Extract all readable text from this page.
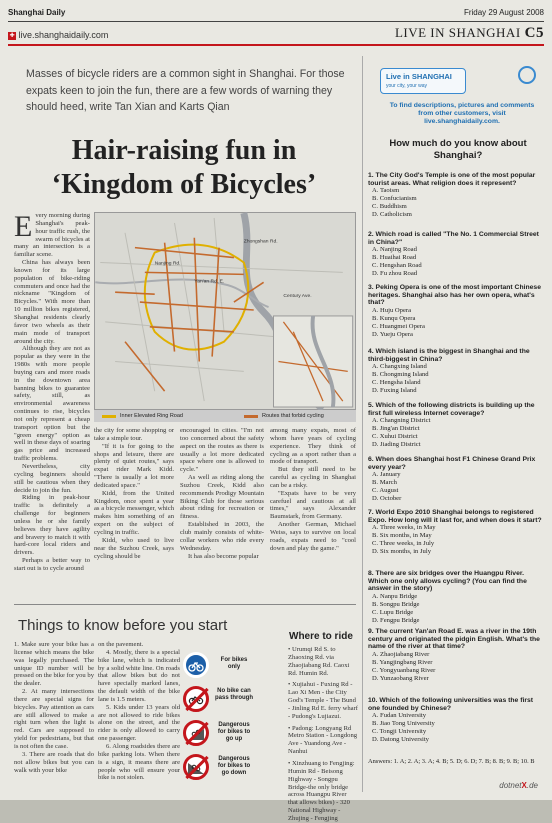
Shanghai Daily	Friday 29 August 2008
✚ live.shanghaidaily.com	LIVE IN SHANGHAI C5
Masses of bicycle riders are a common sight in Shanghai. For those expats keen to join the fun, there are a few words of warning they should heed, write Tan Xian and Karts Qian
Hair-raising fun in
‘Kingdom of Bicycles’
E very morning during Shanghai's peak-hour traffic rush, the swarm of bicycles at many an intersection is a familiar scene.

China has always been known for its large population of bike-riding commuters and once had the nickname "Kingdom of Bicycles." With more than 10 million bikes registered, Shanghai residents clearly favor two wheels as their main mode of transport around the city.

Although they are not as popular as they were in the 1980s with more people buying cars and more roads in the downtown area banning bikes to guarantee safety, still, as environmental awareness continues to rise, bicycles not only represent a cheap transport option but the "green energy" option as well in these days of soaring gas price and increased traffic problems.

Nevertheless, city cycling beginners should still be cautious when they decide to join the fun.

Riding in peak-hour traffic is definitely a challenge for beginners unless he or she family believes they have agility and bravery to match it with hard-core local riders and drivers.

Perhaps a better way to start out is to cycle around

Yan'an Rd. E.
Zhongshan Rd.
Century Ave.
Nanjing Rd.
Inner Elevated Ring Road	Routes that forbid cycling

the city for some shopping or take a simple tour.

"If it is for going to the shops and leisure, there are plenty of quiet routes," says expat rider Mark Kidd. "There is usually a lot more dedicated space."

Kidd, from the United Kingdom, once spent a year as a bicycle messenger, which makes him something of an expert on the subject of cycling in traffic.

Kidd, who used to live near the Suzhou Creek, says cycling should be

encouraged in cities. "I'm not too concerned about the safety aspect on the routes as there is usually a lot more dedicated space where one is allowed to cycle."

As well as riding along the Suzhou Creek, Kidd also recommends Prodigy Mountain Biking Club for those serious about riding for recreation or fitness.

Established in 2003, the club mainly consists of white-collar workers who ride every Wednesday.

It has also become popular

among many expats, most of whom have years of cycling experience. They think of cycling as a sport rather than a mode of transport.

But they still need to be careful as cycling in Shanghai can be a risky.

"Expats have to be very carefuel and cautious at all times," says Alexander Baumstark, from Germany.

Another German, Michael Weiss, says to survive on local roads, expats need to "cool down and play the game."

Things to know before you start

1. Make sure your bike has a license which means the bike was legally purchased. The unique ID number will be pressed on the bike for you by the dealer.

2. At many intersections there are special signs for bicycles. Pay attention as cars are still allowed to make a right turn when the light is red. Cars are supposed to yield for pedestrians, but that is not often the case.

3. There are roads that do not allow bikes but you can walk with your bike

on the pavement.

4. Mostly, there is a special bike lane, which is indicated by a solid white line. On roads that allow bikes but do not have specially marked lanes, the default width of the bike lane is 1.5 meters.

5. Kids under 13 years old are not allowed to ride bikes alone on the street, and the rider is only allowed to carry one passenger.

6. Along roadsides there are bike parking lots. When there is a sign, it means there are people who will ensure your bike is not stolen.

For bikes only
No bike can pass through
Dangerous for bikes to go up
Dangerous for bikes to go down
Where to ride

• Urumqi Rd S. to Zhaoxing Rd. via Zhaojiabang Rd. Caoxi Rd. Humin Rd.

• Xujiahui - Fuxing Rd - Lao Xi Men - the City God's Temple - The Bund - Jinling Rd E. ferry wharf - Pudong's Lujiazui.

• Padong: Longyang Rd Metro Station - Longdong Ave - Yuandong Ave - Nanhui

• Xinzhuang to Fengjing: Humin Rd - Beisong Highway - Songpu Bridge-the only bridge across Huangpu River that allows bikes) - 320 National Highway - Zhujing - Fengjing

Live in SHANGHAI
your city, your way
To find descriptions, pictures and comments from other customers, visit live.shanghaidaily.com.
How much do you know about Shanghai?
1. The City God's Temple is one of the most popular tourist areas. What religion does it represent?
A. Taoism
B. Confucianism
C. Buddhism
D. Catholicism
2. Which road is called "The No. 1 Commercial Street in China?"
A. Nanjing Road
B. Huaihai Road
C. Hengshan Road
D. Fu zhou Road
3. Peking Opera is one of the most important Chinese heritages. Shanghai also has her own opera, what's that?
A. Huju Opera
B. Kunqu Opera
C. Huangmei Opera
D. Yueju Opera
4. Which island is the biggest in Shanghai and the third-biggest in China?
A. Changxing Island
B. Chongming Island
C. Hengsha Island
D. Fuxing Island
5. Which of the following districts is building up the first full wireless Internet coverage?
A. Changning District
B. Jing'an District
C. Xuhui District
D. Jiading District
6. When does Shanghai host F1 Chinese Grand Prix every year?
A. January
B. March
C. August
D. October
7. World Expo 2010 Shanghai belongs to registered Expo. How long will it last for, and when does it start?
A. Three weeks, in May
B. Six months, in May
C. Three weeks, in July
D. Six months, in July
8. There are six bridges over the Huangpu River. Which one only allows cycling? (You can find the answer in the story)
A. Nanpu Bridge
B. Songpu Bridge
C. Lupu Bridge
D. Fengpu Bridge
9. The current Yan'an Road E. was a river in the 19th century and originated the pidgin English. What's the name of the river at that time?
A. Zhaojiabang River
B. Yangjingbang River
C. Yongyuanbang River
D. Yunzaobang River
10. Which of the following universities was the first one founded by Chinese?
A. Fudan University
B. Jiao Tong University
C. Tongji University
D. Datong University
Answers: 1. A; 2. A; 3. A; 4. B; 5. D; 6. D; 7. B; 8. B; 9. B; 10. B
dotnetX.de
